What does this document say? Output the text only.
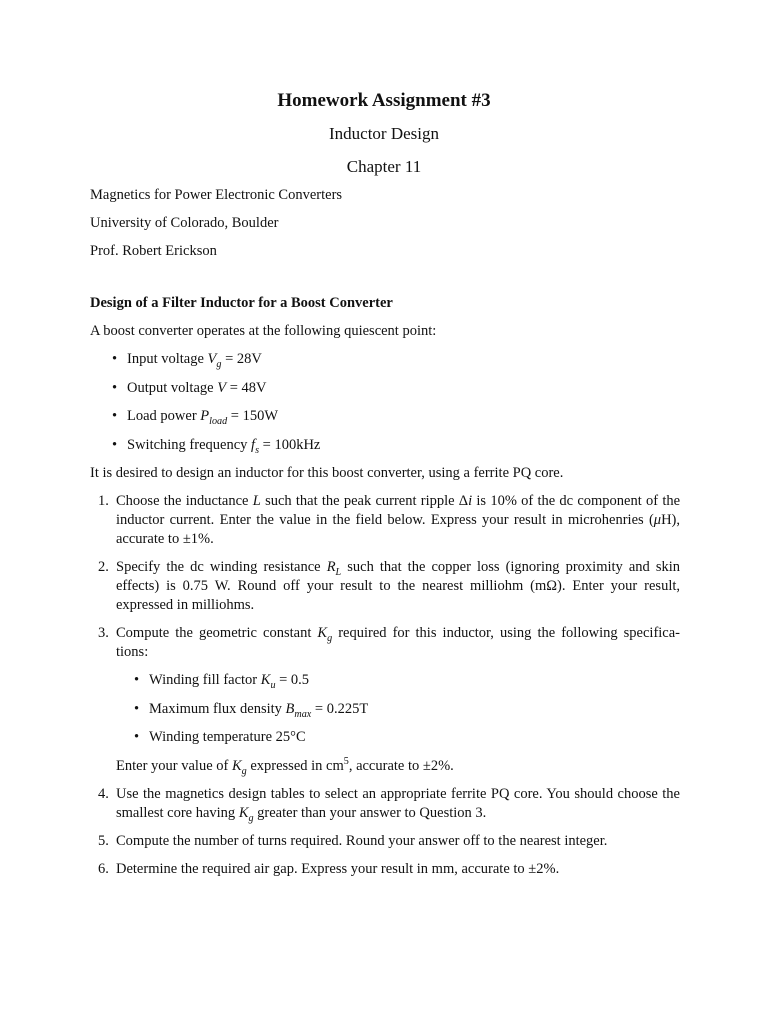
Homework Assignment #3
Inductor Design
Chapter 11
Magnetics for Power Electronic Converters
University of Colorado, Boulder
Prof. Robert Erickson
Design of a Filter Inductor for a Boost Converter

A boost converter operates at the following quiescent point:

• Input voltage $V_g = 28V$
• Output voltage V = 48V
• Load power $P_{load} = 150W$
• Switching frequency $f_s = 100kHz$

It is desired to design an inductor for this boost converter, using a ferrite PQ core.

1. Choose the inductance L such that the peak current ripple Δi is 10% of the dc component of the inductor current. Enter the value in the field below. Express your result in microhenries (μH), accurate to ±1%.
2. Specify the dc winding resistance $R_L$ such that the copper loss (ignoring proximity and skin effects) is 0.75 W. Round off your result to the nearest milliohm (mΩ). Enter your result, expressed in milliohms.
3. Compute the geometric constant $K_g$ required for this inductor, using the following specifica-tions:
• Winding fill factor $K_u = 0.5$
• Maximum flux density $B_{max} = 0.225T$
• Winding temperature 25°C
Enter your value of $K_g$ expressed in $cm^5$, accurate to ±2%.
4. Use the magnetics design tables to select an appropriate ferrite PQ core. You should choose the smallest core having $K_g$ greater than your answer to Question 3.
5. Compute the number of turns required. Round your answer off to the nearest integer.
6. Determine the required air gap. Express your result in mm, accurate to ±2%.
